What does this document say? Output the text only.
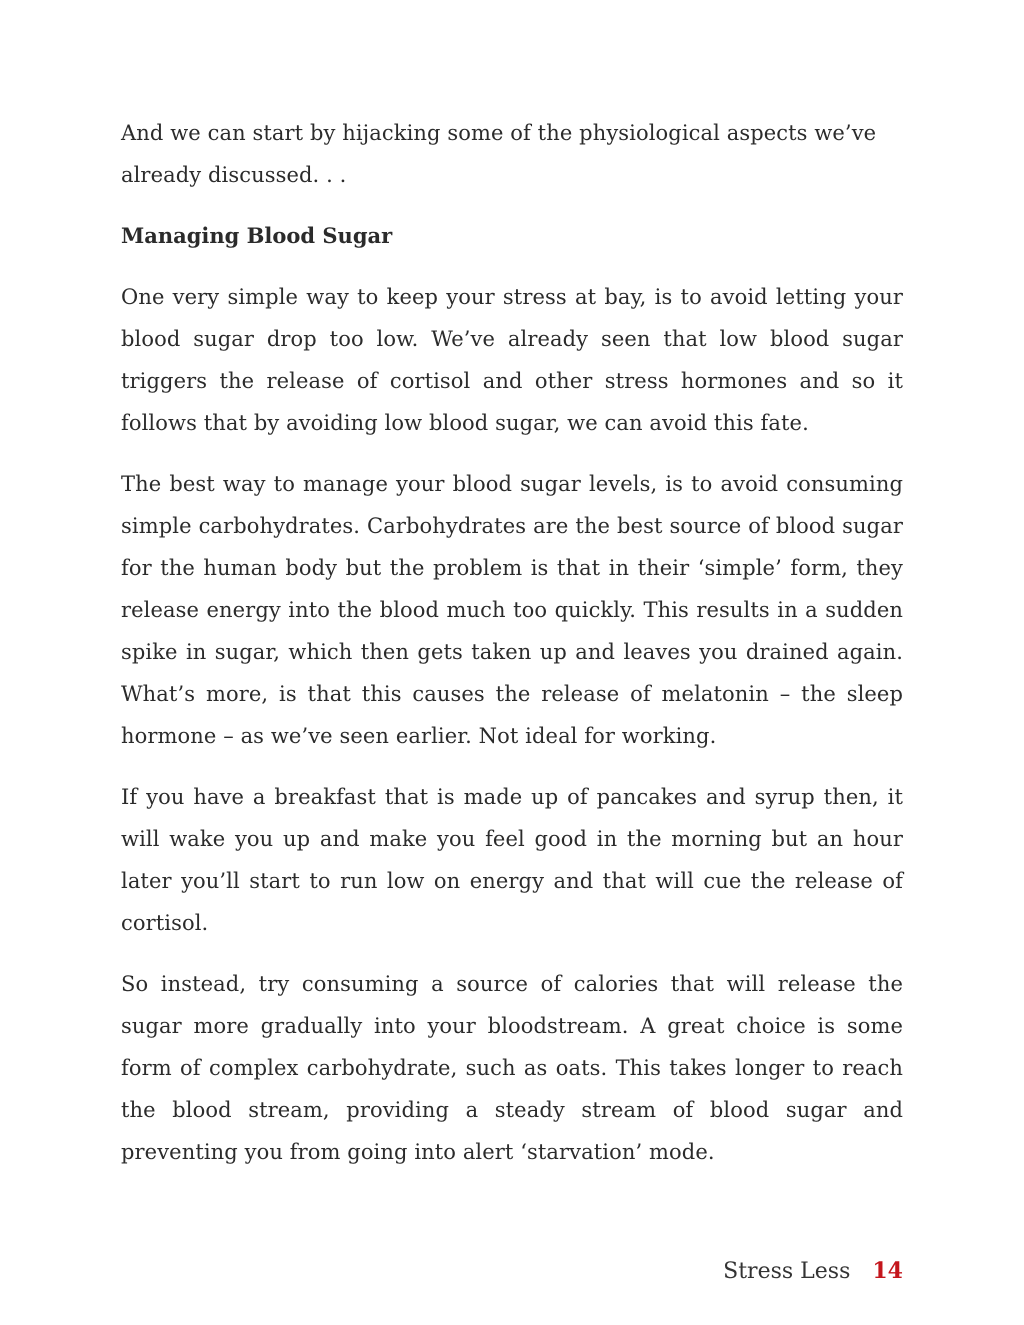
And we can start by hijacking some of the physiological aspects we’ve already discussed. . .

Managing Blood Sugar

One very simple way to keep your stress at bay, is to avoid letting your blood sugar drop too low. We’ve already seen that low blood sugar triggers the release of cortisol and other stress hormones and so it follows that by avoiding low blood sugar, we can avoid this fate.

The best way to manage your blood sugar levels, is to avoid consuming simple carbohydrates. Carbohydrates are the best source of blood sugar for the human body but the problem is that in their ‘simple’ form, they release energy into the blood much too quickly. This results in a sudden spike in sugar, which then gets taken up and leaves you drained again. What’s more, is that this causes the release of melatonin – the sleep hormone – as we’ve seen earlier. Not ideal for working.

If you have a breakfast that is made up of pancakes and syrup then, it will wake you up and make you feel good in the morning but an hour later you’ll start to run low on energy and that will cue the release of cortisol.

So instead, try consuming a source of calories that will release the sugar more gradually into your bloodstream. A great choice is some form of complex carbohydrate, such as oats. This takes longer to reach the blood stream, providing a steady stream of blood sugar and preventing you from going into alert ‘starvation’ mode.

Stress Less 14
